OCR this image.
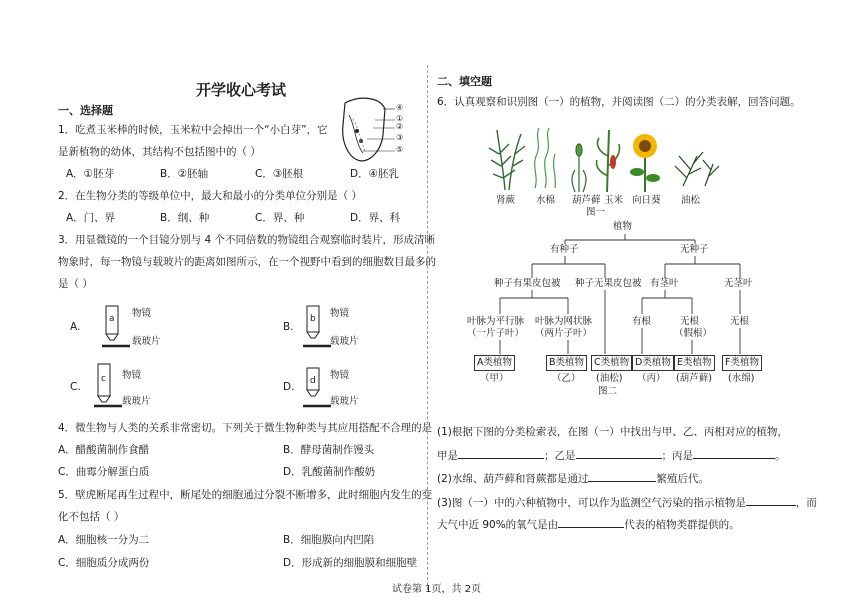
开学收心考试
一、选择题
1．吃煮玉米棒的时候，玉米粒中会掉出一个“小白芽”，它
是新植物的幼体，其结构不包括图中的（ ）
A．①胚芽	B．②胚轴	C．③胚根	D．④胚乳
④
①
②
③
⑤
2．在生物分类的等级单位中，最大和最小的分类单位分别是（ ）
A．门、界	B．纲、种	C．界、种	D．界、科
3．用显微镜的一个目镜分别与 4 个不同倍数的物镜组合观察临时装片，形成清晰
物象时，每一物镜与载玻片的距离如图所示，在一个视野中看到的细胞数目最多的
是（ ）
A.
a 物镜
载玻片
B.
b 物镜
载玻片
C.
c 物镜
载玻片
D. d 物镜
载玻片
4．微生物与人类的关系非常密切。下列关于微生物种类与其应用搭配不合理的是
A．醋酸菌制作食醋	B．酵母菌制作馒头
C．曲霉分解蛋白质	D．乳酸菌制作酸奶
5．壁虎断尾再生过程中，断尾处的细胞通过分裂不断增多，此时细胞内发生的变
化不包括（ ）
A．细胞核一分为二	B．细胞膜向内凹陷
C．细胞质分成两份	D．形成新的细胞膜和细胞壁
二、填空题
6．认真观察和识别图（一）的植物，并阅读图（二）的分类表解，回答问题。
肾蕨 水棉 葫芦藓 玉米 向日葵 油松
图一
植物
有种子	无种子
种子有果皮包被 种子无果皮包被 有茎叶	无茎叶
叶脉为平行脉
（一片子叶）
叶脉为网状脉
（两片子叶）
有根	无根
（假根）
无根
A类植物	B类植物	C类植物 D类植物 E类植物	F类植物
（甲）	（乙） (油松) （丙） (葫芦藓) (水绵)
图二
(1)根据下图的分类检索表，在图（一）中找出与甲、乙、丙相对应的植物，
甲是	；乙是	；丙是	。
(2)水绵、葫芦藓和肾蕨都是通过	繁殖后代。
(3)图（一）中的六种植物中，可以作为监测空气污染的指示植物是	，而
大气中近 90%的氧气是由	代表的植物类群提供的。
试卷第 1页，共 2页
